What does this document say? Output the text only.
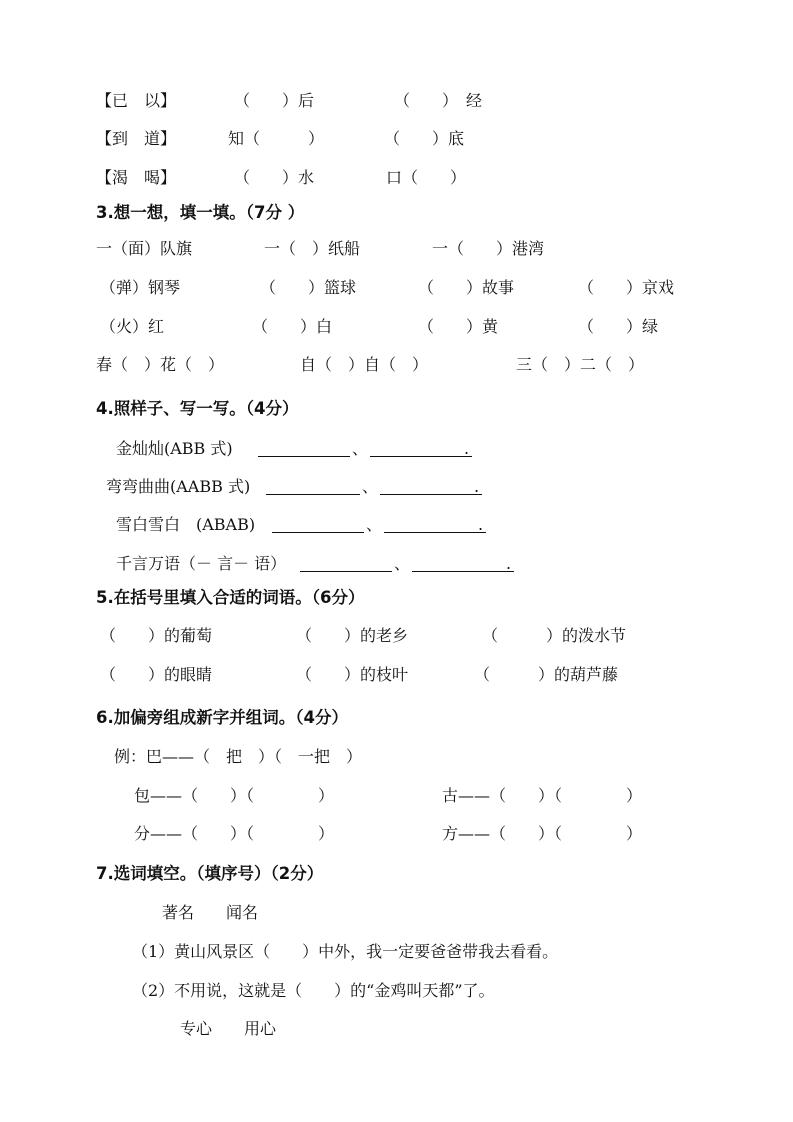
【已　以】	（　　）后	（　　）　经
【到　道】	知（　　　）	（　　）底
【渴　喝】	（　　）水	口（　　）
3.想一想，填一填。（7分 ）
一（面）队旗	一（　）纸船	一（　　）港湾
（弹）钢琴	（　　）篮球	（　　）故事	（　　）京戏
（火）红	（　　）白	（　　）黄	（　　）绿
春（　）花（　）	自（　）自（　）	三（　）二（　）
4.照样子、写一写。（4分）
金灿灿(ABB 式)	、	.
弯弯曲曲(AABB 式)	、	.
雪白雪白　(ABAB)	、	.
千言万语（－ 言－ 语）	、	.
5.在括号里填入合适的词语。（6分）
（　　）的葡萄	（　　）的老乡	（　　　）的泼水节
（　　）的眼睛	（　　）的枝叶	（　　　）的葫芦藤
6.加偏旁组成新字并组词。（4分）
例：巴——（　把　）（　一把　）
包——（　　）（　　　　）	古——（　　）（　　　　）
分——（　　）（　　　　）	方——（　　）（　　　　）
7.选词填空。（填序号）（2分）
著名　　闻名
（1）黄山风景区（　　）中外，我一定要爸爸带我去看看。
（2）不用说，这就是（　　）的“金鸡叫天都”了。
专心　　用心
